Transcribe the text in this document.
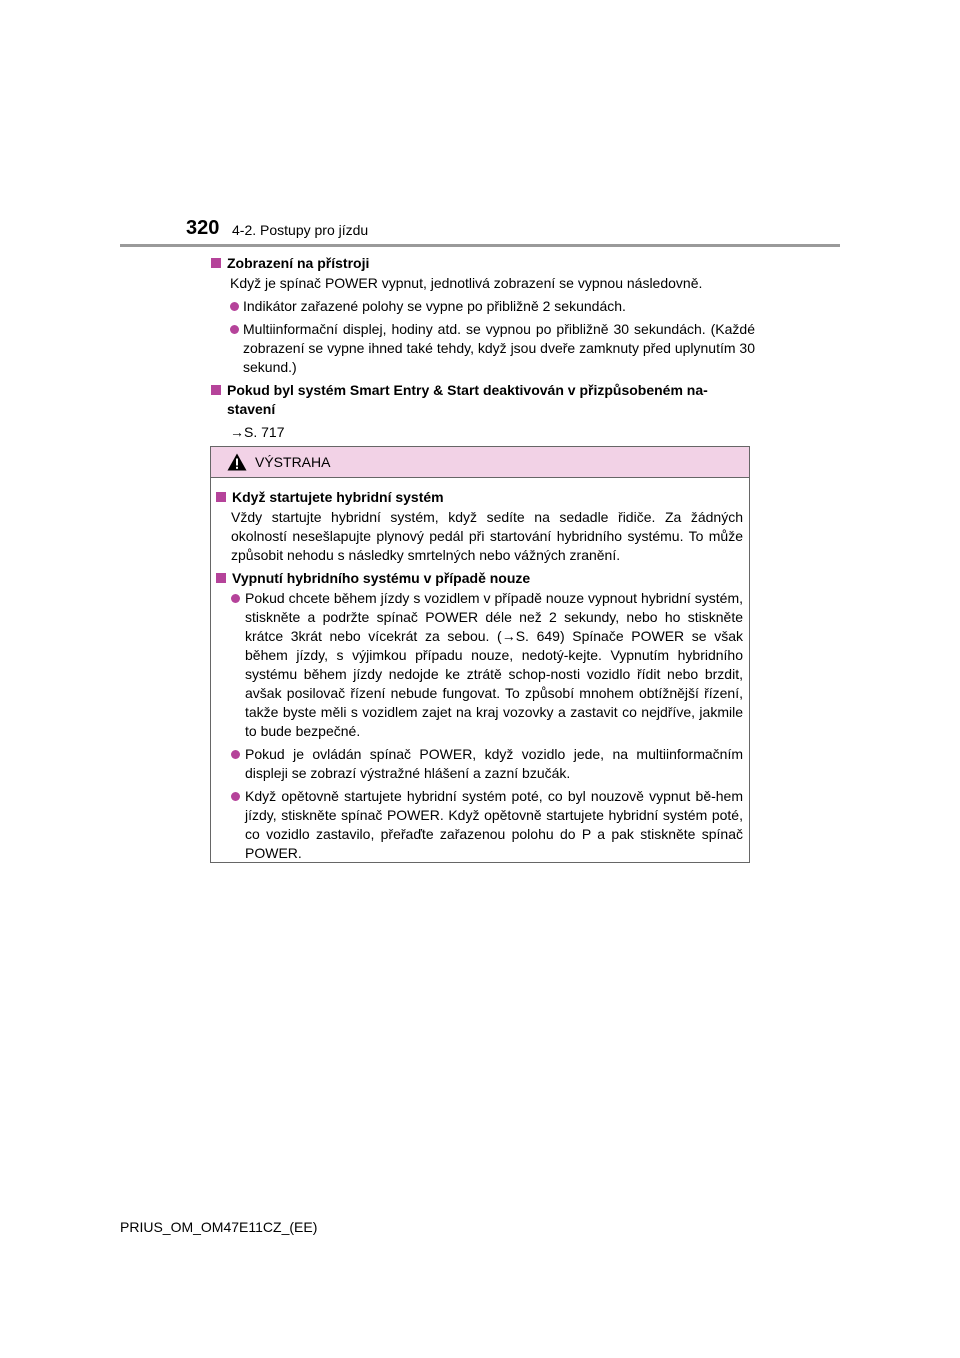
320 4-2. Postupy pro jízdu
Zobrazení na přístroji
Když je spínač POWER vypnut, jednotlivá zobrazení se vypnou následovně.
Indikátor zařazené polohy se vypne po přibližně 2 sekundách.
Multiinformační displej, hodiny atd. se vypnou po přibližně 30 sekundách. (Každé zobrazení se vypne ihned také tehdy, když jsou dveře zamknuty před uplynutím 30 sekund.)
Pokud byl systém Smart Entry & Start deaktivován v přizpůsobeném na-stavení
→S. 717
VÝSTRAHA
Když startujete hybridní systém
Vždy startujte hybridní systém, když sedíte na sedadle řidiče. Za žádných okolností nesešlapujte plynový pedál při startování hybridního systému. To může způsobit nehodu s následky smrtelných nebo vážných zranění.
Vypnutí hybridního systému v případě nouze
Pokud chcete během jízdy s vozidlem v případě nouze vypnout hybridní systém, stiskněte a podržte spínač POWER déle než 2 sekundy, nebo ho stiskněte krátce 3krát nebo vícekrát za sebou. (→S. 649) Spínače POWER se však během jízdy, s výjimkou případu nouze, nedotý-kejte. Vypnutím hybridního systému během jízdy nedojde ke ztrátě schop-nosti vozidlo řídit nebo brzdit, avšak posilovač řízení nebude fungovat. To způsobí mnohem obtížnější řízení, takže byste měli s vozidlem zajet na kraj vozovky a zastavit co nejdříve, jakmile to bude bezpečné.
Pokud je ovládán spínač POWER, když vozidlo jede, na multiinformačním displeji se zobrazí výstražné hlášení a zazní bzučák.
Když opětovně startujete hybridní systém poté, co byl nouzově vypnut bě-hem jízdy, stiskněte spínač POWER. Když opětovně startujete hybridní systém poté, co vozidlo zastavilo, přeřaďte zařazenou polohu do P a pak stiskněte spínač POWER.
PRIUS_OM_OM47E11CZ_(EE)
